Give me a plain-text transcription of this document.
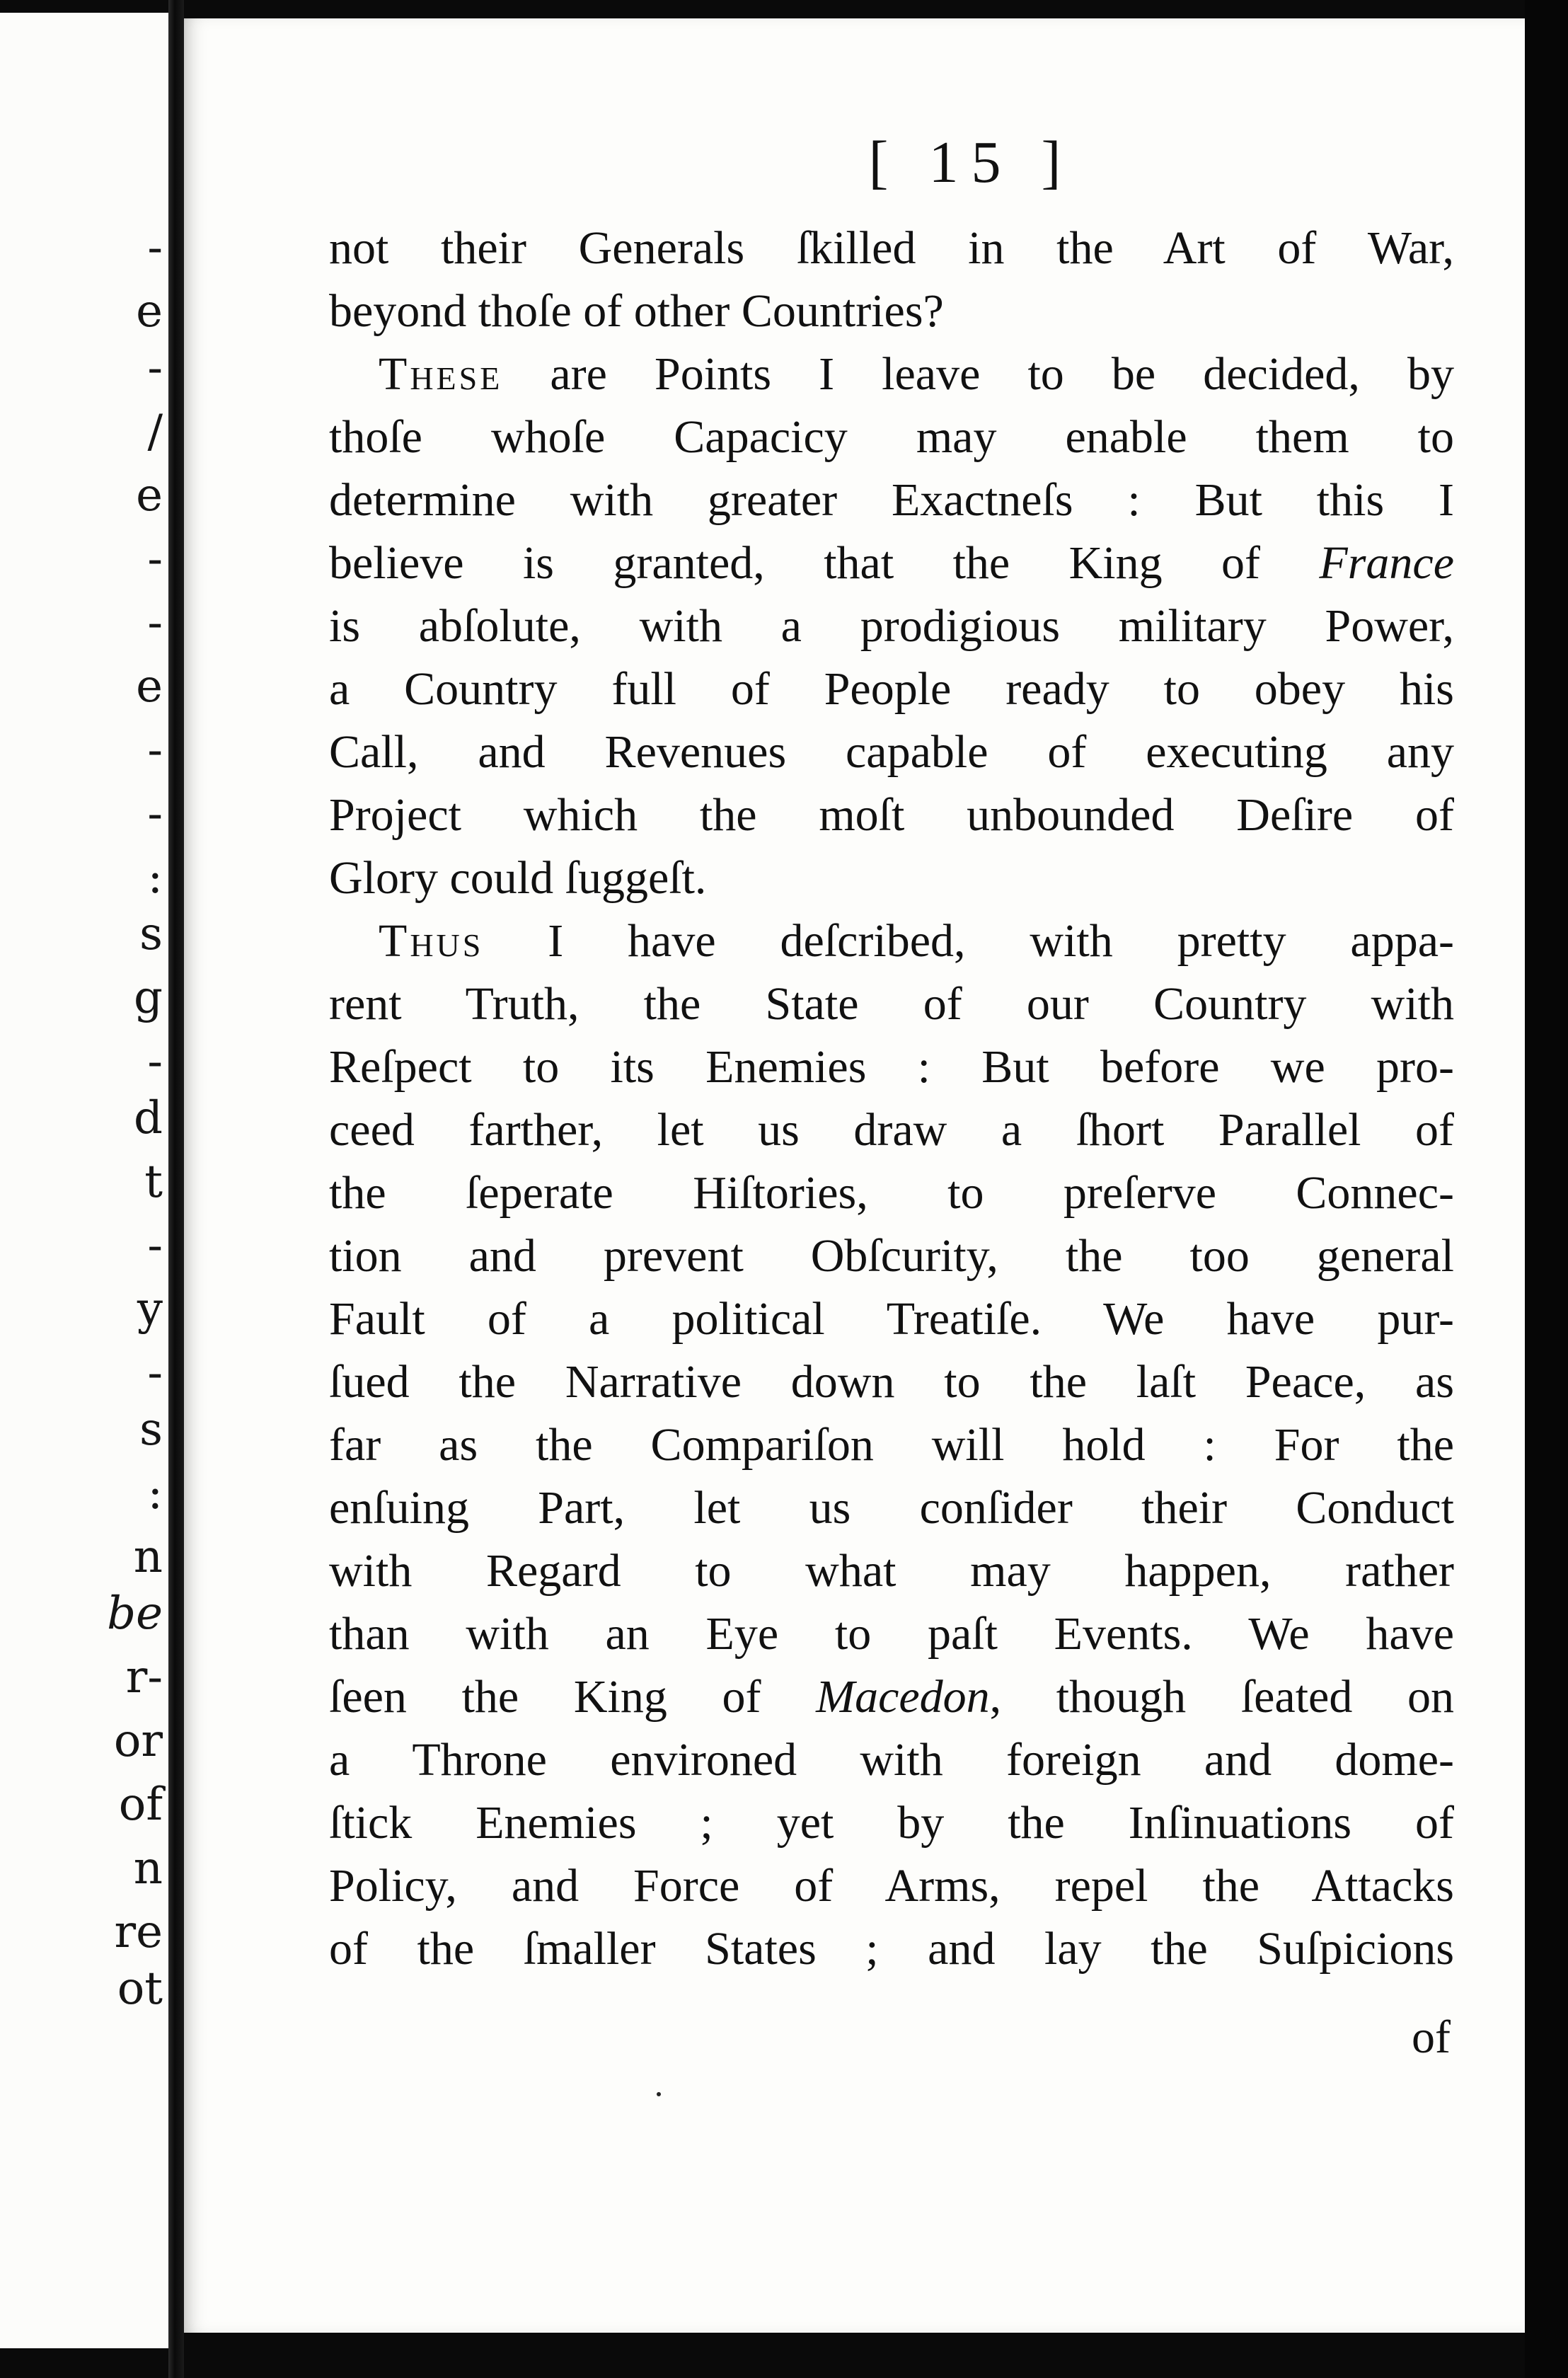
-
e
-
/
e
-
-
e
-
-
:
s
g
-
d
t
-
y
-
s
:
n
be
r-
or
of
n
re
ot
[ 15 ]
not their Generals ſkilled in the Art of War,
beyond thoſe of other Countries?
These are Points I leave to be decided, by
thoſe whoſe Capacicy may enable them to
determine with greater Exactneſs : But this I
believe is granted, that the King of France
is abſolute, with a prodigious military Power,
a Country full of People ready to obey his
Call, and Revenues capable of executing any
Project which the moſt unbounded Deſire of
Glory could ſuggeſt.
Thus I have deſcribed, with pretty appa-
rent Truth, the State of our Country with
Reſpect to its Enemies : But before we pro-
ceed farther, let us draw a ſhort Parallel of
the ſeperate Hiſtories, to preſerve Connec-
tion and prevent Obſcurity, the too general
Fault of a political Treatiſe. We have pur-
ſued the Narrative down to the laſt Peace, as
far as the Compariſon will hold : For the
enſuing Part, let us conſider their Conduct
with Regard to what may happen, rather
than with an Eye to paſt Events. We have
ſeen the King of Macedon, though ſeated on
a Throne environed with foreign and dome-
ſtick Enemies ; yet by the Inſinuations of
Policy, and Force of Arms, repel the Attacks
of the ſmaller States ; and lay the Suſpicions
of
